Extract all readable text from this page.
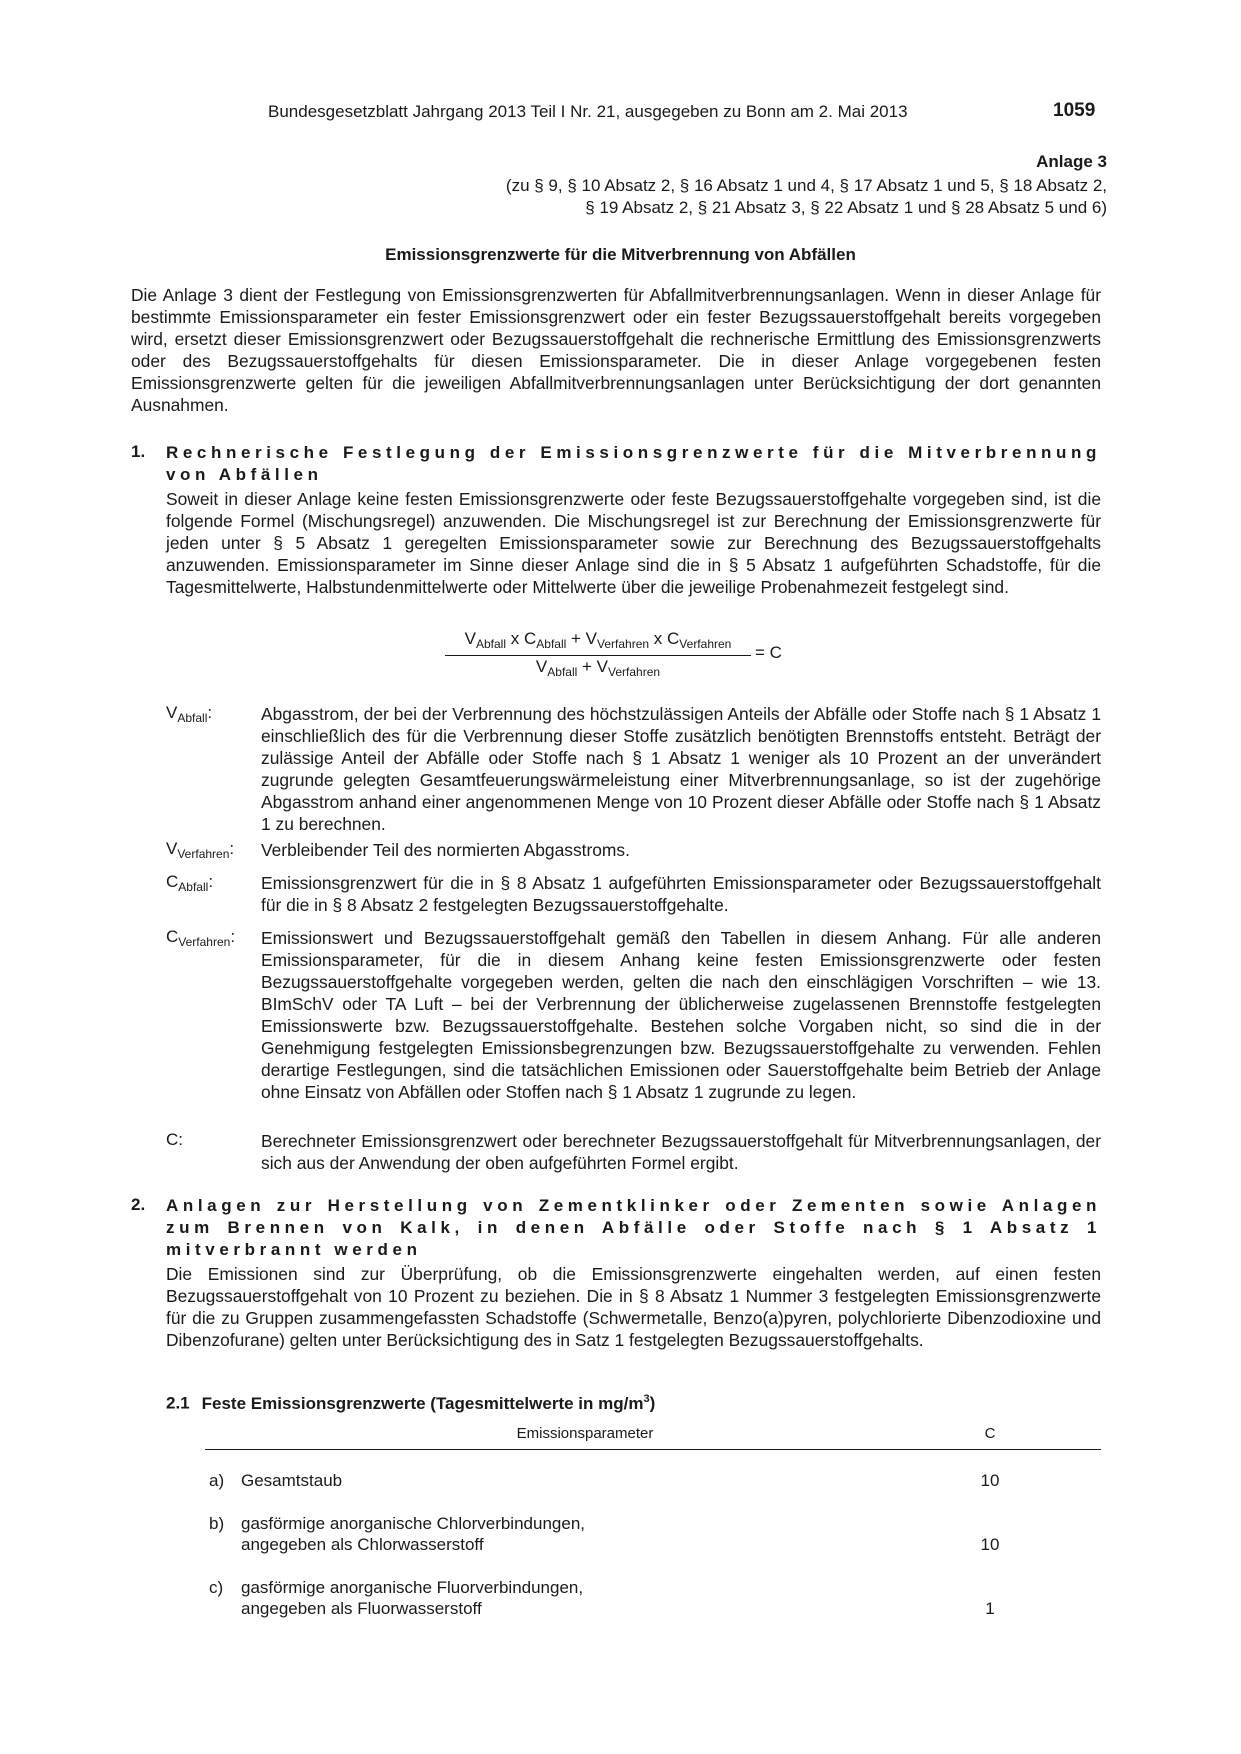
Bundesgesetzblatt Jahrgang 2013 Teil I Nr. 21, ausgegeben zu Bonn am 2. Mai 2013	1059
Anlage 3
(zu § 9, § 10 Absatz 2, § 16 Absatz 1 und 4, § 17 Absatz 1 und 5, § 18 Absatz 2,
§ 19 Absatz 2, § 21 Absatz 3, § 22 Absatz 1 und § 28 Absatz 5 und 6)
Emissionsgrenzwerte für die Mitverbrennung von Abfällen

Die Anlage 3 dient der Festlegung von Emissionsgrenzwerten für Abfallmitverbrennungsanlagen. Wenn in dieser Anlage für bestimmte Emissionsparameter ein fester Emissionsgrenzwert oder ein fester Bezugssauerstoffgehalt bereits vorgegeben wird, ersetzt dieser Emissionsgrenzwert oder Bezugssauerstoffgehalt die rechnerische Ermittlung des Emissionsgrenzwerts oder des Bezugssauerstoffgehalts für diesen Emissionsparameter. Die in dieser Anlage vorgegebenen festen Emissionsgrenzwerte gelten für die jeweiligen Abfallmitverbrennungsanlagen unter Berücksichtigung der dort genannten Ausnahmen.

1. Rechnerische Festlegung der Emissionsgrenzwerte für die Mitverbrennung von Abfällen

Soweit in dieser Anlage keine festen Emissionsgrenzwerte oder feste Bezugssauerstoffgehalte vorgegeben sind, ist die folgende Formel (Mischungsregel) anzuwenden. Die Mischungsregel ist zur Berechnung der Emissionsgrenzwerte für jeden unter § 5 Absatz 1 geregelten Emissionsparameter sowie zur Berechnung des Bezugssauerstoffgehalts anzuwenden. Emissionsparameter im Sinne dieser Anlage sind die in § 5 Absatz 1 aufgeführten Schadstoffe, für die Tagesmittelwerte, Halbstundenmittelwerte oder Mittelwerte über die jeweilige Probenahmezeit festgelegt sind.

$V_{Abfall}$ x $C_{Abfall} + V_{Verfahren}$ x $C_{Verfahren}$
$V_{Abfall} + V_{Verfahren}$
= C
$V_{Abfall}$:	Abgasstrom, der bei der Verbrennung des höchstzulässigen Anteils der Abfälle oder Stoffe nach § 1 Absatz 1 einschließlich des für die Verbrennung dieser Stoffe zusätzlich benötigten Brennstoffs entsteht. Beträgt der zulässige Anteil der Abfälle oder Stoffe nach § 1 Absatz 1 weniger als 10 Prozent an der unverändert zugrunde gelegten Gesamtfeuerungswärmeleistung einer Mitverbrennungsanlage, so ist der zugehörige Abgasstrom anhand einer angenommenen Menge von 10 Prozent dieser Abfälle oder Stoffe nach § 1 Absatz 1 zu berechnen.

$V_{Verfahren}$: Verbleibender Teil des normierten Abgasstroms.

$C_{Abfall}$:	Emissionsgrenzwert für die in § 8 Absatz 1 aufgeführten Emissionsparameter oder Bezugssauerstoffgehalt für die in § 8 Absatz 2 festgelegten Bezugssauerstoffgehalte.

$C_{Verfahren}$: Emissionswert und Bezugssauerstoffgehalt gemäß den Tabellen in diesem Anhang. Für alle anderen Emissionsparameter, für die in diesem Anhang keine festen Emissionsgrenzwerte oder festen Bezugssauerstoffgehalte vorgegeben werden, gelten die nach den einschlägigen Vorschriften – wie 13. BImSchV oder TA Luft – bei der Verbrennung der üblicherweise zugelassenen Brennstoffe festgelegten Emissionswerte bzw. Bezugssauerstoffgehalte. Bestehen solche Vorgaben nicht, so sind die in der Genehmigung festgelegten Emissionsbegrenzungen bzw. Bezugssauerstoffgehalte zu verwenden. Fehlen derartige Festlegungen, sind die tatsächlichen Emissionen oder Sauerstoffgehalte beim Betrieb der Anlage ohne Einsatz von Abfällen oder Stoffen nach § 1 Absatz 1 zugrunde zu legen.

C:	Berechneter Emissionsgrenzwert oder berechneter Bezugssauerstoffgehalt für Mitverbrennungsanlagen, der sich aus der Anwendung der oben aufgeführten Formel ergibt.

2. Anlagen zur Herstellung von Zementklinker oder Zementen sowie Anlagen zum Brennen von Kalk, in denen Abfälle oder Stoffe nach § 1 Absatz 1 mitverbrannt werden

Die Emissionen sind zur Überprüfung, ob die Emissionsgrenzwerte eingehalten werden, auf einen festen Bezugssauerstoffgehalt von 10 Prozent zu beziehen. Die in § 8 Absatz 1 Nummer 3 festgelegten Emissionsgrenzwerte für die zu Gruppen zusammengefassten Schadstoffe (Schwermetalle, Benzo(a)pyren, polychlorierte Dibenzodioxine und Dibenzofurane) gelten unter Berücksichtigung des in Satz 1 festgelegten Bezugssauerstoffgehalts.

2.1 Feste Emissionsgrenzwerte (Tagesmittelwerte in $mg/m^3$)
Emissionsparameter	C
a) Gesamtstaub	10
b) gasförmige anorganische Chlorverbindungen,
angegeben als Chlorwasserstoff	10
c) gasförmige anorganische Fluorverbindungen,
angegeben als Fluorwasserstoff	1
